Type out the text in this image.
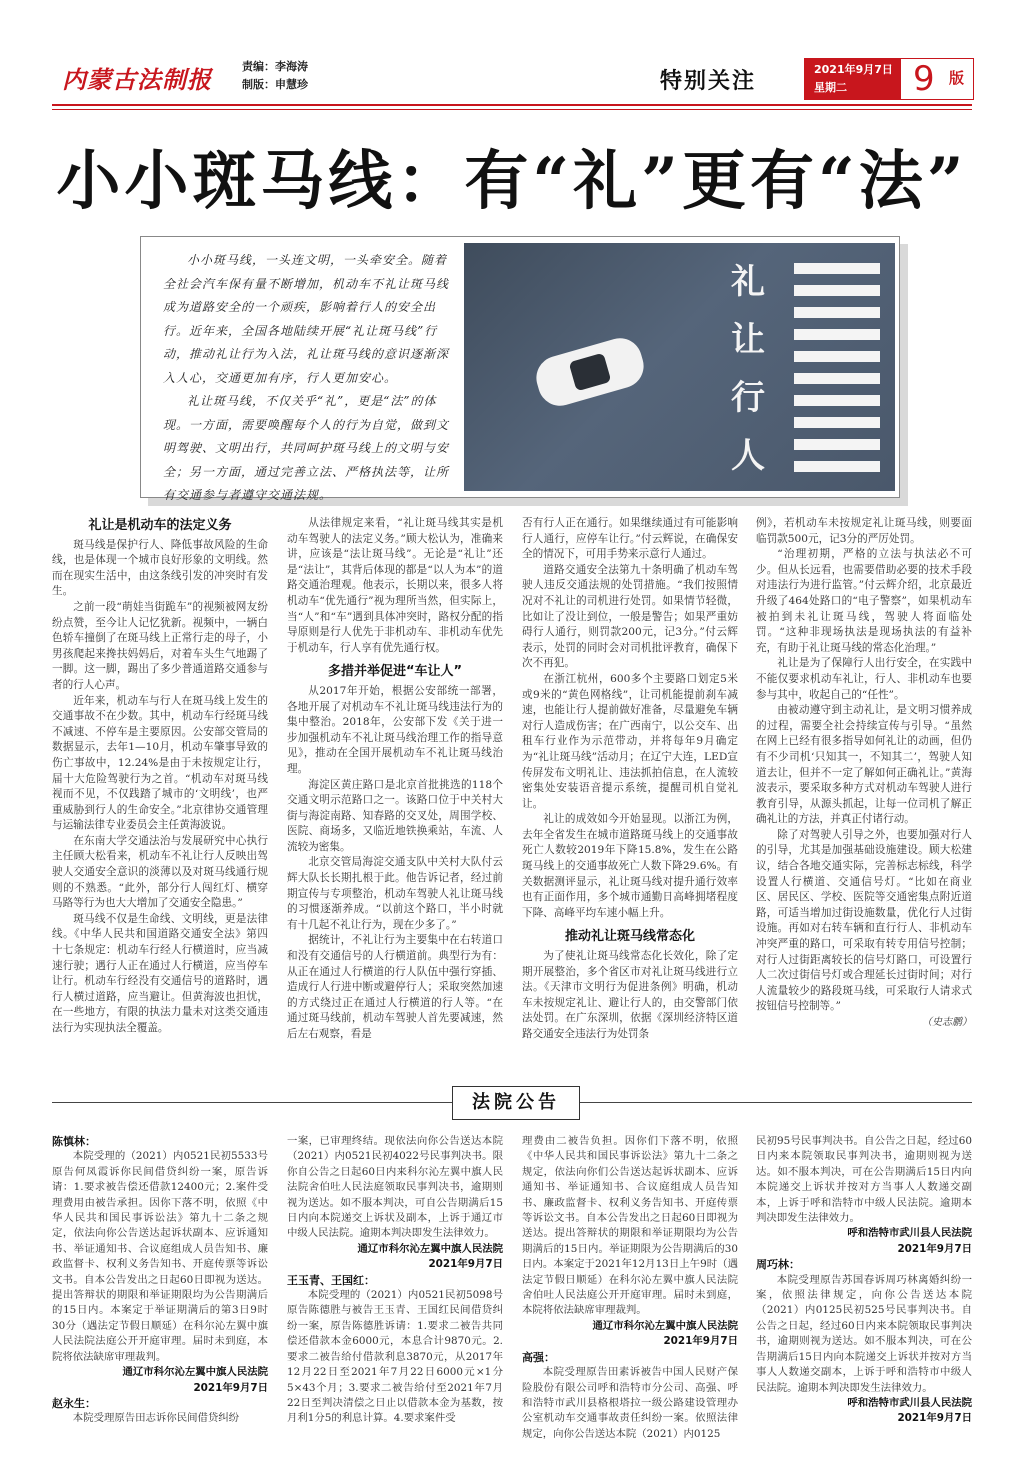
内蒙古法制报	责编：李海涛
制版：申慧珍	特别关注	2021年9月7日
星期二	9 版
小小斑马线：有“礼”更有“法”

小小斑马线，一头连文明，一头牵安全。随着全社会汽车保有量不断增加，机动车不礼让斑马线成为道路安全的一个顽疾，影响着行人的安全出行。近年来，全国各地陆续开展“礼让斑马线”行动，推动礼让行为入法，礼让斑马线的意识逐渐深入人心，交通更加有序，行人更加安心。

礼让斑马线，不仅关乎“礼”，更是“法”的体现。一方面，需要唤醒每个人的行为自觉，做到文明驾驶、文明出行，共同呵护斑马线上的文明与安全；另一方面，通过完善立法、严格执法等，让所有交通参与者遵守交通法规。

礼让行人
礼让是机动车的法定义务

斑马线是保护行人、降低事故风险的生命线，也是体现一个城市良好形象的文明线。然而在现实生活中，由这条线引发的冲突时有发生。

之前一段“萌娃当街跪车”的视频被网友纷纷点赞，至今让人记忆犹新。视频中，一辆白色轿车撞倒了在斑马线上正常行走的母子，小男孩爬起来搀扶妈妈后，对着车头生气地踢了一脚。这一脚，踢出了多少普通道路交通参与者的行人心声。

近年来，机动车与行人在斑马线上发生的交通事故不在少数。其中，机动车行经斑马线不减速、不停车是主要原因。公安部交管局的数据显示，去年1—10月，机动车肇事导致的伤亡事故中，12.24%是由于未按规定让行，届十大危险驾驶行为之首。“机动车对斑马线视而不见，不仅践踏了城市的‘文明线’，也严重威胁到行人的生命安全。”北京律协交通管理与运输法律专业委员会主任黄海波说。

在东南大学交通法治与发展研究中心执行主任顾大松看来，机动车不礼让行人反映出驾驶人交通安全意识的淡薄以及对斑马线通行规则的不熟悉。“此外，部分行人闯红灯、横穿马路等行为也大大增加了交通安全隐患。”

斑马线不仅是生命线、文明线，更是法律线。《中华人民共和国道路交通安全法》第四十七条规定：机动车行经人行横道时，应当减速行驶；遇行人正在通过人行横道，应当停车让行。机动车行经没有交通信号的道路时，遇行人横过道路，应当避让。但黄海波也担忧，在一些地方，有限的执法力量未对这类交通违法行为实现执法全覆盖。

从法律规定来看，“礼让斑马线其实是机动车驾驶人的法定义务。”顾大松认为，准确来讲，应该是“法让斑马线”。无论是“礼让”还是“法让”，其背后体现的都是“以人为本”的道路交通治理观。他表示，长期以来，很多人将机动车“优先通行”视为理所当然，但实际上，当“人”和“车”遇到具体冲突时，路权分配的指导原则是行人优先于非机动车、非机动车优先于机动车，行人享有优先通行权。

多措并举促进“车让人”

从2017年开始，根据公安部统一部署，各地开展了对机动车不礼让斑马线违法行为的集中整治。2018年，公安部下发《关于进一步加强机动车不礼让斑马线治理工作的指导意见》，推动在全国开展机动车不礼让斑马线治理。

海淀区黄庄路口是北京首批挑选的118个交通文明示范路口之一。该路口位于中关村大街与海淀南路、知春路的交叉处，周围学校、医院、商场多，又临近地铁换乘站，车流、人流较为密集。

北京交管局海淀交通支队中关村大队付云辉大队长长期扎根于此。他告诉记者，经过前期宣传与专项整治，机动车驾驶人礼让斑马线的习惯逐渐养成。“以前这个路口，半小时就有十几起不礼让行为，现在少多了。”

据统计，不礼让行为主要集中在右转道口和没有交通信号的人行横道前。典型行为有：从正在通过人行横道的行人队伍中强行穿插、造成行人行进中断或避停行人；采取突然加速的方式绕过正在通过人行横道的行人等。“在通过斑马线前，机动车驾驶人首先要减速，然后左右观察，看是

否有行人正在通行。如果继续通过有可能影响行人通行，应停车让行。”付云辉说，在确保安全的情况下，可用手势来示意行人通过。

道路交通安全法第九十条明确了机动车驾驶人违反交通法规的处罚措施。“我们按照情况对不礼让的司机进行处罚。如果情节轻微，比如让了没让到位，一般是警告；如果严重妨碍行人通行，则罚款200元，记3分。”付云辉表示，处罚的同时会对司机批评教育，确保下次不再犯。

在浙江杭州，600多个主要路口划定5米或9米的“黄色网格线”，让司机能提前刹车减速，也能让行人提前做好准备，尽量避免车辆对行人造成伤害；在广西南宁，以公交车、出租车行业作为示范带动，并将每年9月确定为“礼让斑马线”活动月；在辽宁大连，LED宣传屏发布文明礼让、违法抓拍信息，在人流较密集处安装语音提示系统，提醒司机自觉礼让。

礼让的成效如今开始显现。以浙江为例，去年全省发生在城市道路斑马线上的交通事故死亡人数较2019年下降15.8%，发生在公路斑马线上的交通事故死亡人数下降29.6%。有关数据测评显示，礼让斑马线对提升通行效率也有正面作用，多个城市通勤日高峰拥堵程度下降、高峰平均车速小幅上升。

推动礼让斑马线常态化

为了使礼让斑马线常态化长效化，除了定期开展整治，多个省区市对礼让斑马线进行立法。《天津市文明行为促进条例》明确，机动车未按规定礼让、避让行人的，由交警部门依法处罚。在广东深圳，依据《深圳经济特区道路交通安全违法行为处罚条

例》，若机动车未按规定礼让斑马线，则要面临罚款500元，记3分的严厉处罚。

“治理初期，严格的立法与执法必不可少。但从长远看，也需要借助必要的技术手段对违法行为进行监管。”付云辉介绍，北京最近升级了464处路口的“电子警察”，如果机动车被拍到未礼让斑马线，驾驶人将面临处罚。“这种非现场执法是现场执法的有益补充，有助于礼让斑马线的常态化治理。”

礼让是为了保障行人出行安全，在实践中不能仅要求机动车礼让，行人、非机动车也要参与其中，收起自己的“任性”。

由被动遵守到主动礼让，是文明习惯养成的过程，需要全社会持续宣传与引导。“虽然在网上已经有很多指导如何礼让的动画，但仍有不少司机‘只知其一，不知其二’，驾驶人知道去让，但并不一定了解如何正确礼让。”黄海波表示，要采取多种方式对机动车驾驶人进行教育引导，从源头抓起，让每一位司机了解正确礼让的方法，并真正付诸行动。

除了对驾驶人引导之外，也要加强对行人的引导，尤其是加强基础设施建设。顾大松建议，结合各地交通实际，完善标志标线，科学设置人行横道、交通信号灯。“比如在商业区、居民区、学校、医院等交通密集点附近道路，可适当增加过街设施数量，优化行人过街设施。再如对右转车辆和直行行人、非机动车冲突严重的路口，可采取有转专用信号控制；对行人过街距离较长的信号灯路口，可设置行人二次过街信号灯或合理延长过街时间；对行人流量较少的路段斑马线，可采取行人请求式按钮信号控制等。”

（史志鹏）
法院公告

陈慎林：

本院受理的（2021）内0521民初5533号原告何凤霞诉你民间借贷纠纷一案，原告诉请：1.要求被告偿还借款12400元；2.案件受理费用由被告承担。因你下落不明，依照《中华人民共和国民事诉讼法》第九十二条之规定，依法向你公告送达起诉状副本、应诉通知书、举证通知书、合议庭组成人员告知书、廉政监督卡、权利义务告知书、开庭传票等诉讼文书。自本公告发出之日起60日即视为送达。提出答辩状的期限和举证期限均为公告期满后的15日内。本案定于举证期满后的第3日9时30分（遇法定节假日顺延）在科尔沁左翼中旗人民法院法庭公开开庭审理。届时未到庭，本院将依法缺席审理裁判。

通辽市科尔沁左翼中旗人民法院

2021年9月7日

赵永生：

本院受理原告田志诉你民间借贷纠纷

一案，已审理终结。现依法向你公告送达本院（2021）内0521民初4022号民事判决书。限你自公告之日起60日内来科尔沁左翼中旗人民法院舍伯吐人民法庭领取民事判决书，逾期则视为送达。如不服本判决，可自公告期满后15日内向本院递交上诉状及副本，上诉于通辽市中级人民法院。逾期本判决即发生法律效力。

通辽市科尔沁左翼中旗人民法院

2021年9月7日

王玉青、王国红：

本院受理的（2021）内0521民初5098号原告陈德胜与被告王玉青、王国红民间借贷纠纷一案，原告陈德胜诉请：1.要求二被告共同偿还借款本金6000元，本息合计9870元。2.要求二被告给付借款利息3870元，从2017年12月22日至2021年7月22日6000元×1分5×43个月；3.要求二被告给付至2021年7月22日至判决清偿之日止以借款本金为基数，按月利1分5的利息计算。4.要求案件受

理费由二被告负担。因你们下落不明，依照《中华人民共和国民事诉讼法》第九十二条之规定，依法向你们公告送达起诉状副本、应诉通知书、举证通知书、合议庭组成人员告知书、廉政监督卡、权利义务告知书、开庭传票等诉讼文书。自本公告发出之日起60日即视为送达。提出答辩状的期限和举证期限均为公告期满后的15日内。举证期限为公告期满后的30日内。本案定于2021年12月13日上午9时（遇法定节假日顺延）在科尔沁左翼中旗人民法院舍伯吐人民法庭公开开庭审理。届时未到庭，本院将依法缺席审理裁判。

通辽市科尔沁左翼中旗人民法院

2021年9月7日

高强：

本院受理原告田素诉被告中国人民财产保险股份有限公司呼和浩特市分公司、高强、呼和浩特市武川县格根塔拉一级公路建设管理办公室机动车交通事故责任纠纷一案。依照法律规定，向你公告送达本院（2021）内0125

民初95号民事判决书。自公告之日起，经过60日内来本院领取民事判决书，逾期则视为送达。如不服本判决，可在公告期满后15日内向本院递交上诉状并按对方当事人人数递交副本，上诉于呼和浩特市中级人民法院。逾期本判决即发生法律效力。

呼和浩特市武川县人民法院

2021年9月7日

周巧林：

本院受理原告苏国春诉周巧林离婚纠纷一案，依照法律规定，向你公告送达本院（2021）内0125民初525号民事判决书。自公告之日起，经过60日内来本院领取民事判决书，逾期则视为送达。如不服本判决，可在公告期满后15日内向本院递交上诉状并按对方当事人人数递交副本，上诉于呼和浩特市中级人民法院。逾期本判决即发生法律效力。

呼和浩特市武川县人民法院

2021年9月7日
